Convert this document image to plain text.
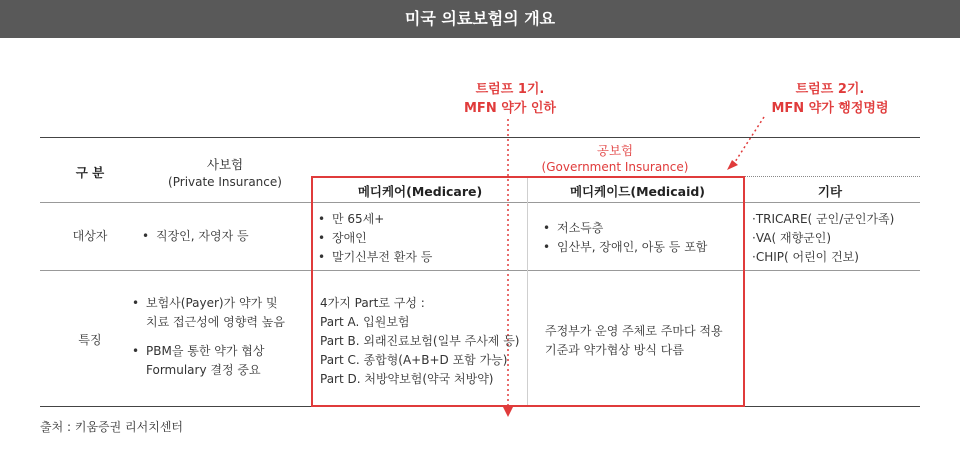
미국 의료보험의 개요
트럼프 1기.
MFN 약가 인하
트럼프 2기.
MFN 약가 행정명령
구 분
사보험
(Private Insurance)
공보험
(Government Insurance)
메디케어(Medicare)	메디케이드(Medicaid)	기타
대상자
•	직장인, 자영자 등
• 만 65세+
• 장애인
• 말기신부전 환자 등
• 저소득층
• 임산부, 장애인, 아동 등 포함
·TRICARE( 군인/군인가족)
·VA( 재향군인)
·CHIP( 어린이 건보)
특징
• 보험사(Payer)가 약가 및
치료 접근성에 영향력 높음
• PBM을 통한 약가 협상
Formulary 결정 중요
4가지 Part로 구성 :
Part A. 입원보험
Part B. 외래진료보험(일부 주사제 등)
Part C. 종합형(A+B+D 포함 가능)
Part D. 처방약보험(약국 처방약)
주정부가 운영 주체로 주마다 적용
기준과 약가협상 방식 다름
출처 : 키움증권 리서치센터
